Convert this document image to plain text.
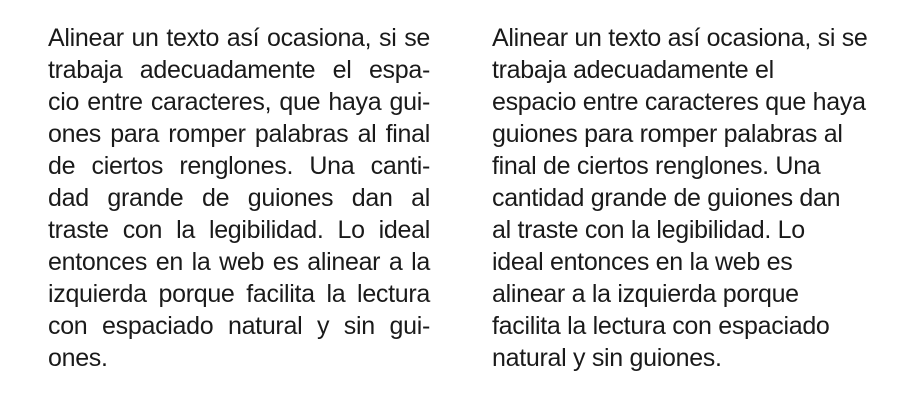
Alinear un texto así ocasiona, si se
trabaja adecuadamente el espa-
cio entre caracteres, que haya gui-
ones para romper palabras al final
de ciertos renglones. Una canti-
dad grande de guiones dan al
traste con la legibilidad. Lo ideal
entonces en la web es alinear a la
izquierda porque facilita la lectura
con espaciado natural y sin gui-
ones.
Alinear un texto así ocasiona, si se
trabaja adecuadamente el
espacio entre caracteres que haya
guiones para romper palabras al
final de ciertos renglones. Una
cantidad grande de guiones dan
al traste con la legibilidad. Lo
ideal entonces en la web es
alinear a la izquierda porque
facilita la lectura con espaciado
natural y sin guiones.
